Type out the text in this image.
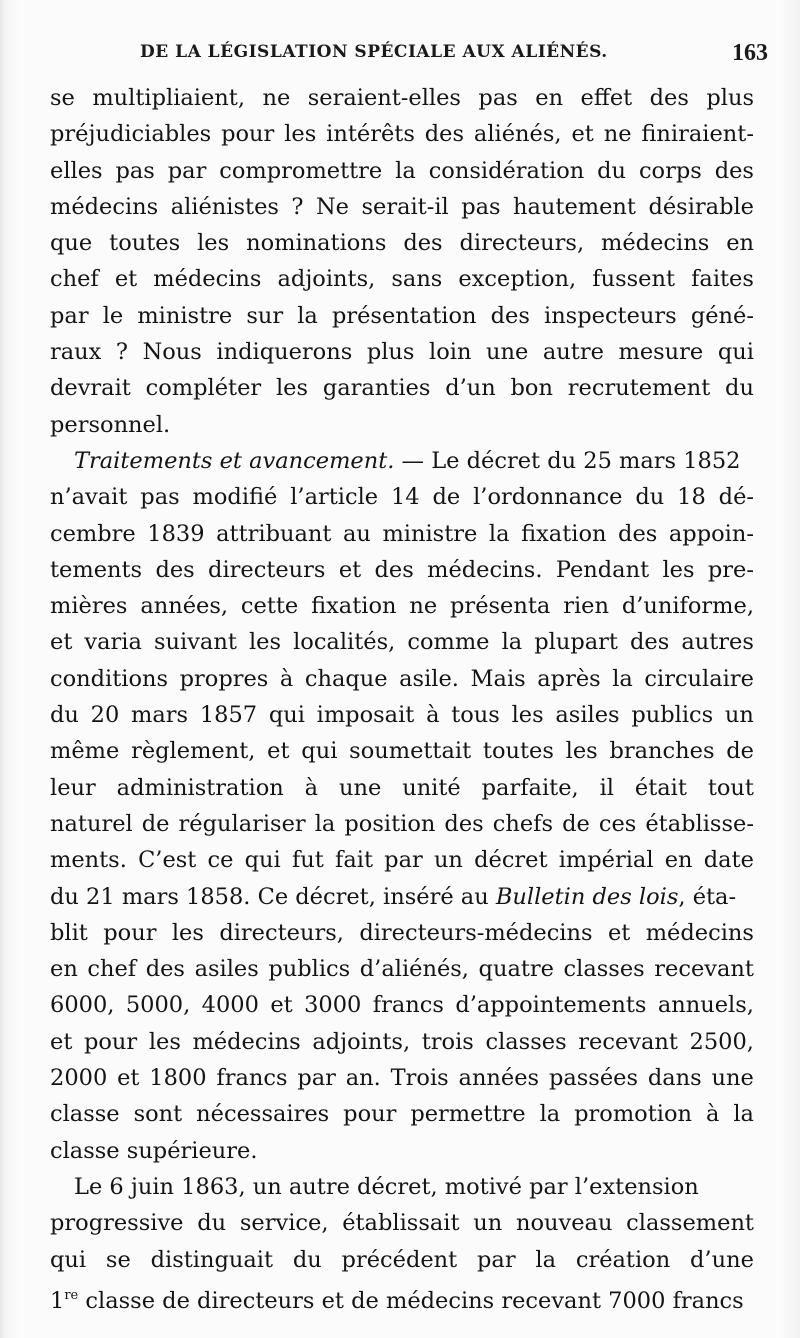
DE LA LÉGISLATION SPÉCIALE AUX ALIÉNÉS.	163
se multipliaient, ne seraient-elles pas en effet des plus
préjudiciables pour les intérêts des aliénés, et ne finiraient-
elles pas par compromettre la considération du corps des
médecins aliénistes ? Ne serait-il pas hautement désirable
que toutes les nominations des directeurs, médecins en
chef et médecins adjoints, sans exception, fussent faites
par le ministre sur la présentation des inspecteurs géné-
raux ? Nous indiquerons plus loin une autre mesure qui
devrait compléter les garanties d’un bon recrutement du
personnel.
Traitements et avancement. — Le décret du 25 mars 1852
n’avait pas modifié l’article 14 de l’ordonnance du 18 dé-
cembre 1839 attribuant au ministre la fixation des appoin-
tements des directeurs et des médecins. Pendant les pre-
mières années, cette fixation ne présenta rien d’uniforme,
et varia suivant les localités, comme la plupart des autres
conditions propres à chaque asile. Mais après la circulaire
du 20 mars 1857 qui imposait à tous les asiles publics un
même règlement, et qui soumettait toutes les branches de
leur administration à une unité parfaite, il était tout
naturel de régulariser la position des chefs de ces établisse-
ments. C’est ce qui fut fait par un décret impérial en date
du 21 mars 1858. Ce décret, inséré au Bulletin des lois, éta-
blit pour les directeurs, directeurs-médecins et médecins
en chef des asiles publics d’aliénés, quatre classes recevant
6000, 5000, 4000 et 3000 francs d’appointements annuels,
et pour les médecins adjoints, trois classes recevant 2500,
2000 et 1800 francs par an. Trois années passées dans une
classe sont nécessaires pour permettre la promotion à la
classe supérieure.
Le 6 juin 1863, un autre décret, motivé par l’extension
progressive du service, établissait un nouveau classement
qui se distinguait du précédent par la création d’une
1re classe de directeurs et de médecins recevant 7000 francs
